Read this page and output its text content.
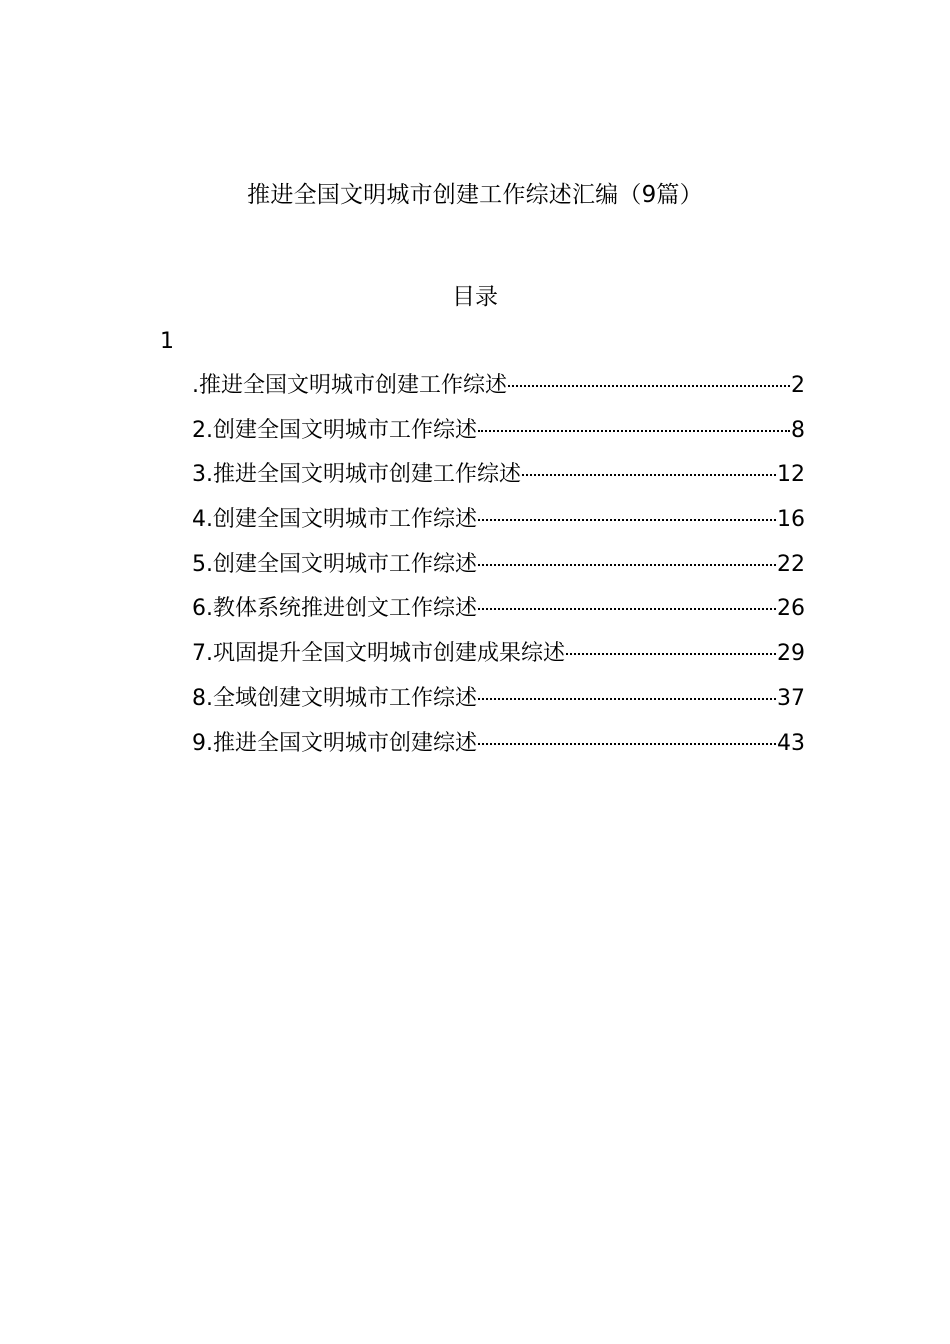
推进全国文明城市创建工作综述汇编（9篇）
目录
1
.推进全国文明城市创建工作综述	2
2.创建全国文明城市工作综述	8
3.推进全国文明城市创建工作综述	12
4.创建全国文明城市工作综述	16
5.创建全国文明城市工作综述	22
6.教体系统推进创文工作综述	26
7.巩固提升全国文明城市创建成果综述	29
8.全域创建文明城市工作综述	37
9.推进全国文明城市创建综述	43
